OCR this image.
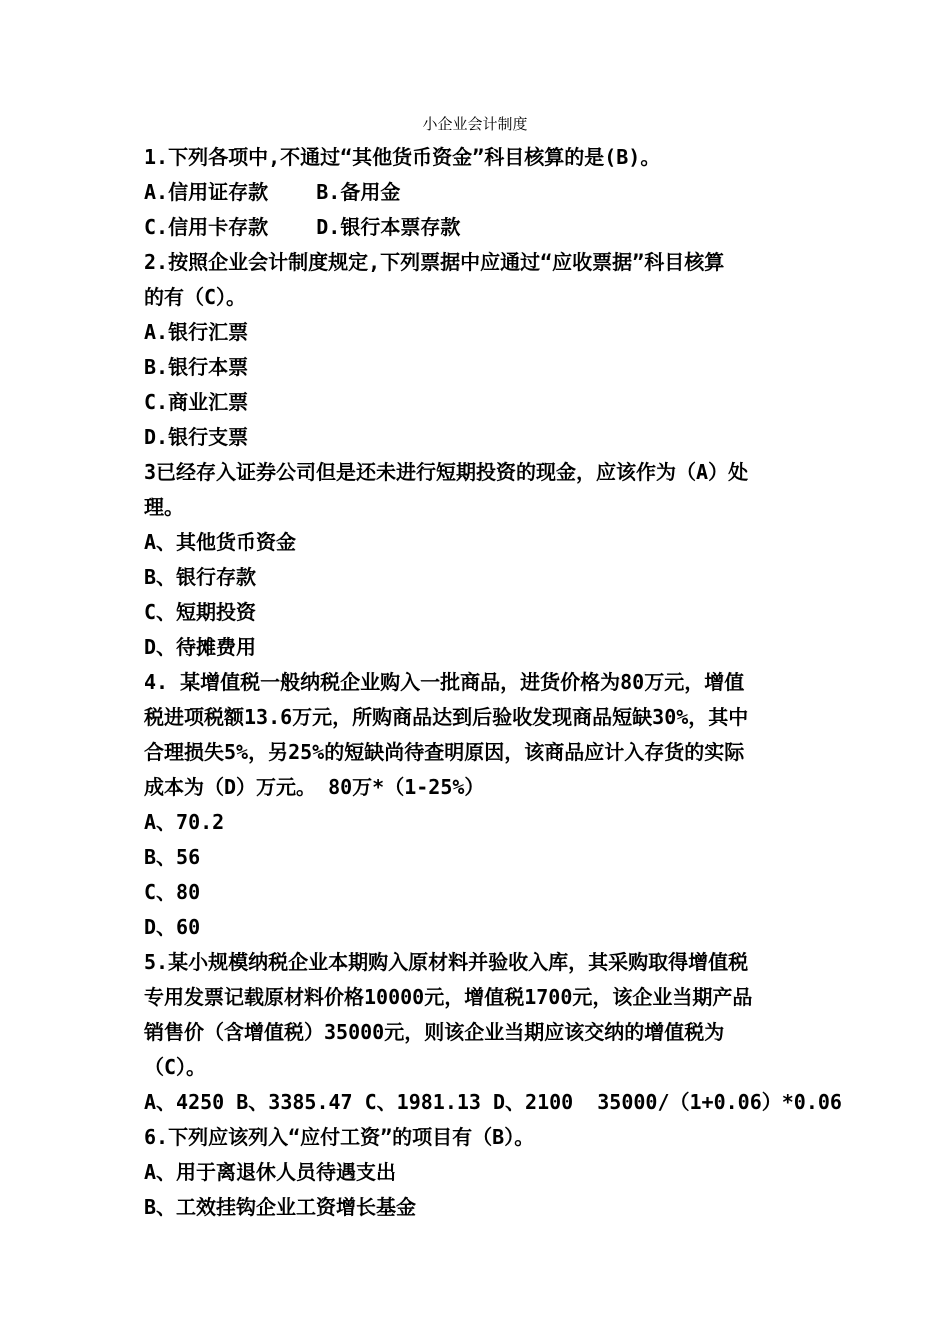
小企业会计制度
1.下列各项中,不通过“其他货币资金”科目核算的是(B)。
A.信用证存款    B.备用金
C.信用卡存款    D.银行本票存款
2.按照企业会计制度规定,下列票据中应通过“应收票据”科目核算
的有（C）。
A.银行汇票
B.银行本票
C.商业汇票
D.银行支票
3已经存入证券公司但是还未进行短期投资的现金，应该作为（A）处
理。
A、其他货币资金
B、银行存款
C、短期投资
D、待摊费用
4. 某增值税一般纳税企业购入一批商品，进货价格为80万元，增值
税进项税额13.6万元，所购商品达到后验收发现商品短缺30%，其中
合理损失5%，另25%的短缺尚待查明原因，该商品应计入存货的实际
成本为（D）万元。 80万*（1-25%）
A、70.2
B、56
C、80
D、60
5.某小规模纳税企业本期购入原材料并验收入库，其采购取得增值税
专用发票记载原材料价格10000元，增值税1700元，该企业当期产品
销售价（含增值税）35000元，则该企业当期应该交纳的增值税为
（C）。
A、4250 B、3385.47 C、1981.13 D、2100  35000/（1+0.06）*0.06
6.下列应该列入“应付工资”的项目有（B）。
A、用于离退休人员待遇支出
B、工效挂钩企业工资增长基金
